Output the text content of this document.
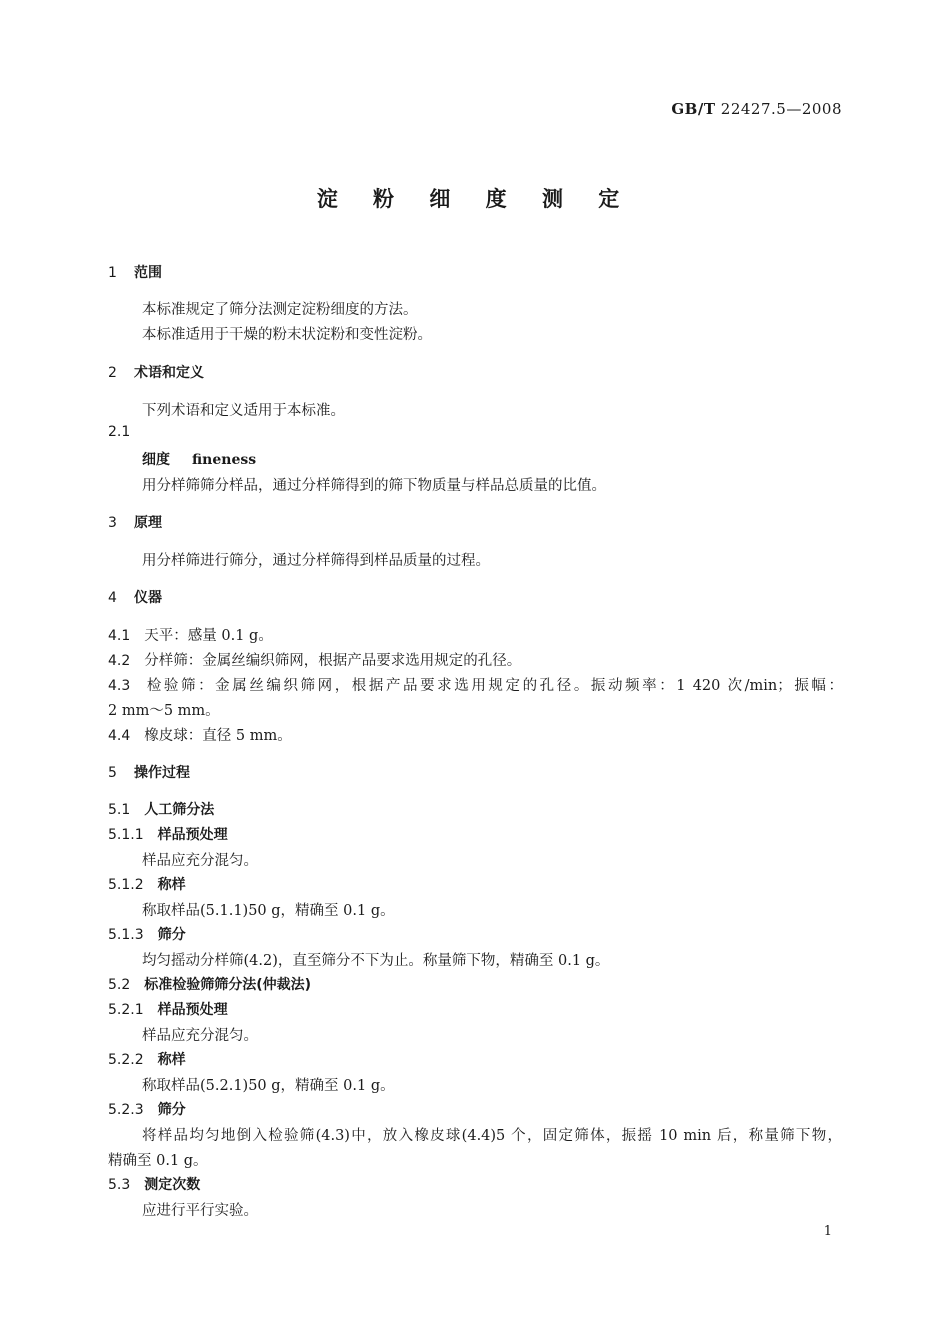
GB/T 22427.5—2008
淀 粉 细 度 测 定
1 范围
本标准规定了筛分法测定淀粉细度的方法。
本标准适用于干燥的粉末状淀粉和变性淀粉。
2 术语和定义
下列术语和定义适用于本标准。
2.1
细度 fineness
用分样筛筛分样品，通过分样筛得到的筛下物质量与样品总质量的比值。
3 原理
用分样筛进行筛分，通过分样筛得到样品质量的过程。
4 仪器
4.1 天平：感量 0.1 g。
4.2 分样筛：金属丝编织筛网，根据产品要求选用规定的孔径。
4.3 检验筛：金属丝编织筛网，根据产品要求选用规定的孔径。振动频率：1 420 次/min；振幅：
2 mm～5 mm。
4.4 橡皮球：直径 5 mm。
5 操作过程
5.1 人工筛分法
5.1.1 样品预处理
样品应充分混匀。
5.1.2 称样
称取样品(5.1.1)50 g，精确至 0.1 g。
5.1.3 筛分
均匀摇动分样筛(4.2)，直至筛分不下为止。称量筛下物，精确至 0.1 g。
5.2 标准检验筛筛分法(仲裁法)
5.2.1 样品预处理
样品应充分混匀。
5.2.2 称样
称取样品(5.2.1)50 g，精确至 0.1 g。
5.2.3 筛分
将样品均匀地倒入检验筛(4.3)中，放入橡皮球(4.4)5 个，固定筛体，振摇 10 min 后，称量筛下物，
精确至 0.1 g。
5.3 测定次数
应进行平行实验。
1
